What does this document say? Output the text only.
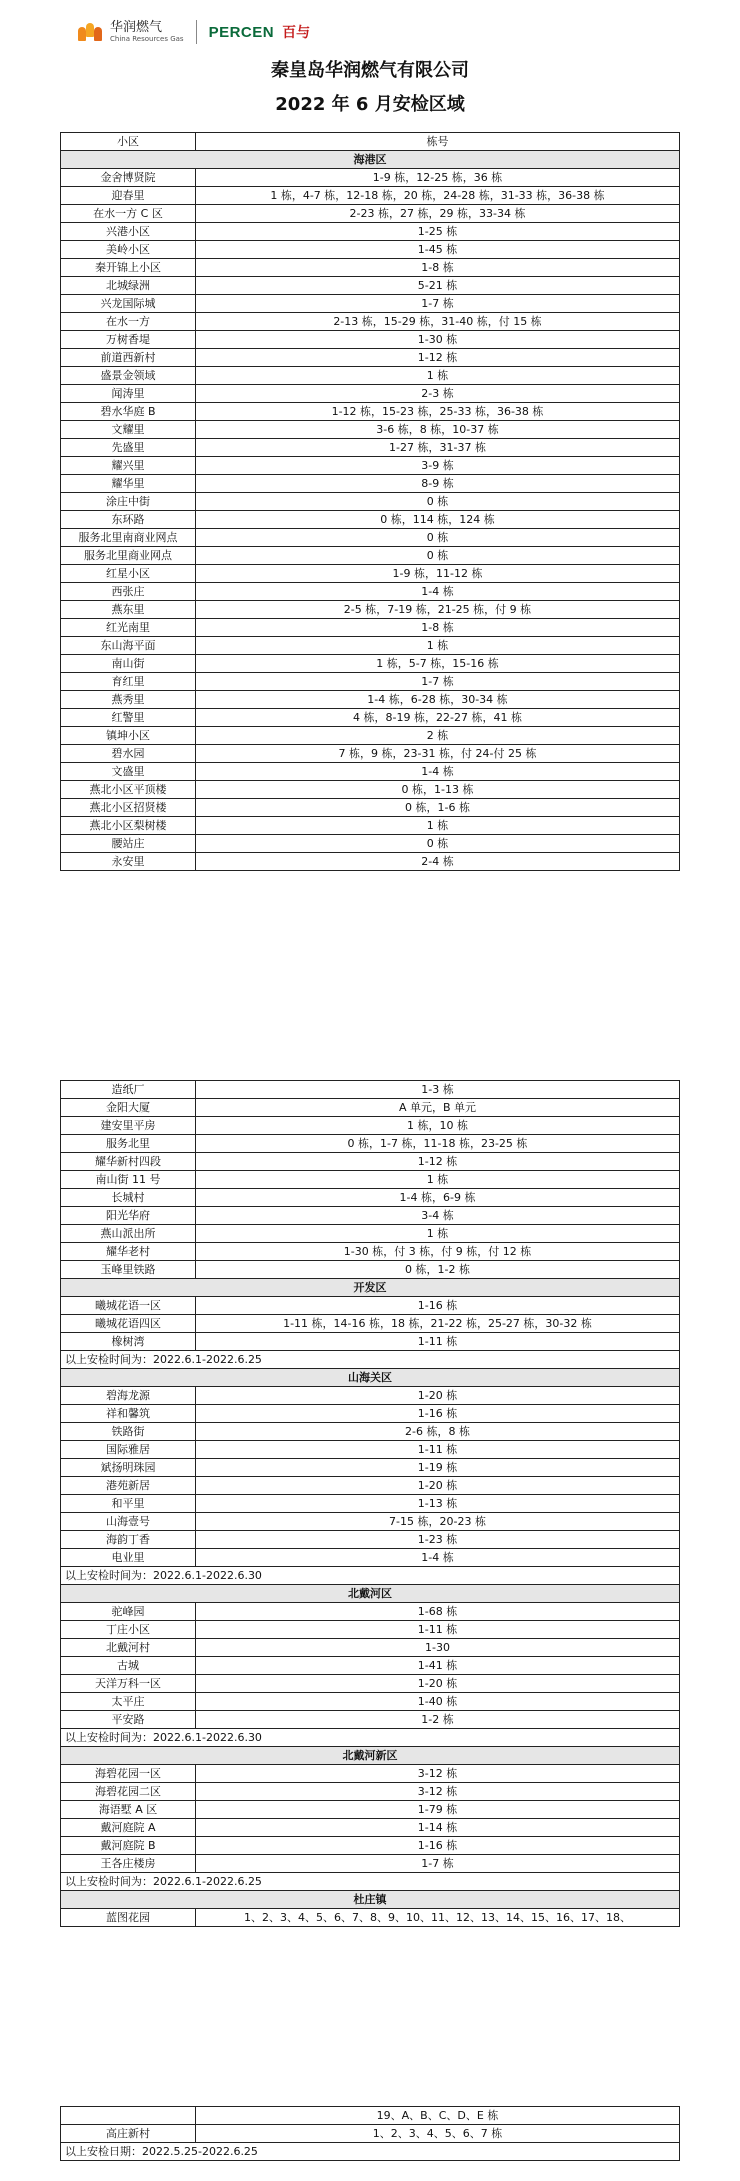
华润燃气
China Resources Gas PERCEN 百与
秦皇岛华润燃气有限公司
2022 年 6 月安检区域
小区	栋号
海港区	
金舍博贤院	1-9 栋，12-25 栋，36 栋
迎春里	1 栋，4-7 栋，12-18 栋，20 栋，24-28 栋，31-33 栋，36-38 栋
在水一方 C 区	2-23 栋，27 栋，29 栋，33-34 栋
兴港小区	1-25 栋
美岭小区	1-45 栋
秦开锦上小区	1-8 栋
北城绿洲	5-21 栋
兴龙国际城	1-7 栋
在水一方	2-13 栋，15-29 栋，31-40 栋，付 15 栋
万树香堤	1-30 栋
前道西新村	1-12 栋
盛景金领域	1 栋
闻涛里	2-3 栋
碧水华庭 B	1-12 栋，15-23 栋，25-33 栋，36-38 栋
文耀里	3-6 栋，8 栋，10-37 栋
先盛里	1-27 栋，31-37 栋
耀兴里	3-9 栋
耀华里	8-9 栋
涂庄中街	0 栋
东环路	0 栋，114 栋，124 栋
服务北里南商业网点	0 栋
服务北里商业网点	0 栋
红星小区	1-9 栋，11-12 栋
西张庄	1-4 栋
燕东里	2-5 栋，7-19 栋，21-25 栋，付 9 栋
红光南里	1-8 栋
东山海平面	1 栋
南山街	1 栋，5-7 栋，15-16 栋
育红里	1-7 栋
燕秀里	1-4 栋，6-28 栋，30-34 栋
红警里	4 栋，8-19 栋，22-27 栋，41 栋
镇坤小区	2 栋
碧水园	7 栋，9 栋，23-31 栋，付 24-付 25 栋
文盛里	1-4 栋
燕北小区平顶楼	0 栋，1-13 栋
燕北小区招贤楼	0 栋，1-6 栋
燕北小区梨树楼	1 栋
腰站庄	0 栋
永安里	2-4 栋
造纸厂	1-3 栋
金阳大厦	A 单元，B 单元
建安里平房	1 栋，10 栋
服务北里	0 栋，1-7 栋，11-18 栋，23-25 栋
耀华新村四段	1-12 栋
南山街 11 号	1 栋
长城村	1-4 栋，6-9 栋
阳光华府	3-4 栋
燕山派出所	1 栋
耀华老村	1-30 栋，付 3 栋，付 9 栋，付 12 栋
玉峰里铁路	0 栋，1-2 栋
开发区	
曦城花语一区	1-16 栋
曦城花语四区	1-11 栋，14-16 栋，18 栋，21-22 栋，25-27 栋，30-32 栋
橡树湾	1-11 栋
以上安检时间为：2022.6.1-2022.6.25	
山海关区	
碧海龙源	1-20 栋
祥和馨筑	1-16 栋
铁路街	2-6 栋，8 栋
国际雅居	1-11 栋
斌扬明珠园	1-19 栋
港苑新居	1-20 栋
和平里	1-13 栋
山海壹号	7-15 栋，20-23 栋
海韵丁香	1-23 栋
电业里	1-4 栋
以上安检时间为：2022.6.1-2022.6.30	
北戴河区	
驼峰园	1-68 栋
丁庄小区	1-11 栋
北戴河村	1-30
古城	1-41 栋
天洋万科一区	1-20 栋
太平庄	1-40 栋
平安路	1-2 栋
以上安检时间为：2022.6.1-2022.6.30	
北戴河新区	
海碧花园一区	3-12 栋
海碧花园二区	3-12 栋
海语墅 A 区	1-79 栋
戴河庭院 A	1-14 栋
戴河庭院 B	1-16 栋
王各庄楼房	1-7 栋
以上安检时间为：2022.6.1-2022.6.25	
杜庄镇	
蓝图花园	1、2、3、4、5、6、7、8、9、10、11、12、13、14、15、16、17、18、
	19、A、B、C、D、E 栋
高庄新村	1、2、3、4、5、6、7 栋
以上安检日期：2022.5.25-2022.6.25	
